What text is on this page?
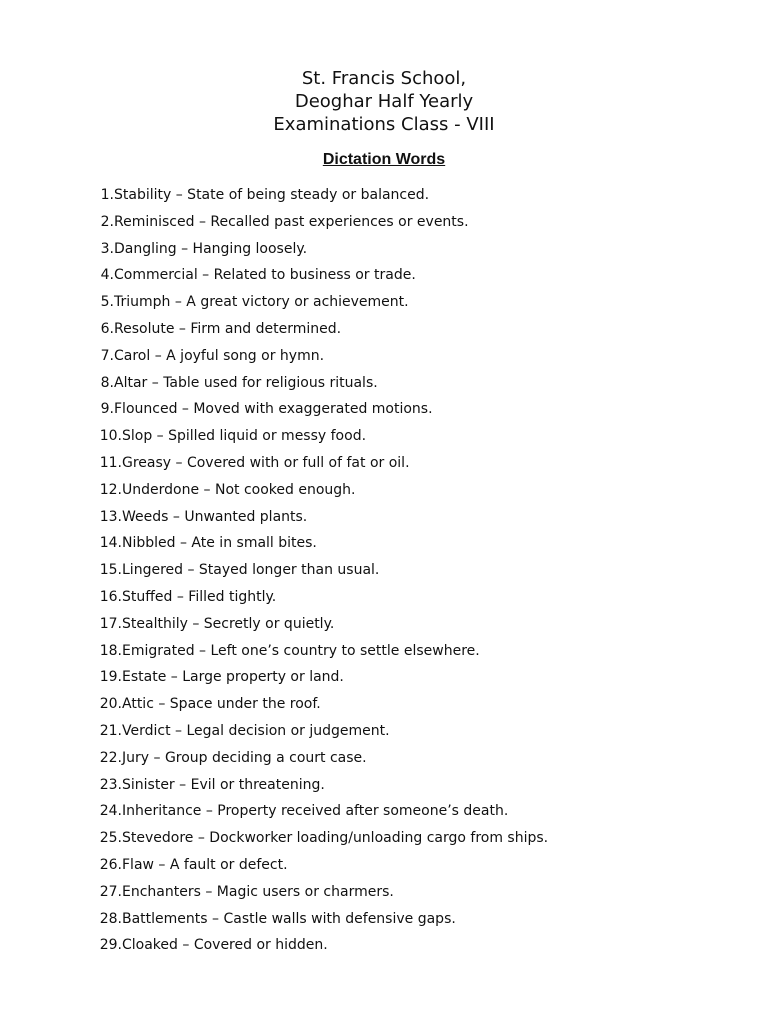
St. Francis School,
Deoghar Half Yearly
Examinations Class - VIII
Dictation Words
1. Stability – State of being steady or balanced.
2. Reminisced – Recalled past experiences or events.
3. Dangling – Hanging loosely.
4. Commercial – Related to business or trade.
5. Triumph – A great victory or achievement.
6. Resolute – Firm and determined.
7. Carol – A joyful song or hymn.
8. Altar – Table used for religious rituals.
9. Flounced – Moved with exaggerated motions.
10. Slop – Spilled liquid or messy food.
11. Greasy – Covered with or full of fat or oil.
12. Underdone – Not cooked enough.
13. Weeds – Unwanted plants.
14. Nibbled – Ate in small bites.
15. Lingered – Stayed longer than usual.
16. Stuffed – Filled tightly.
17. Stealthily – Secretly or quietly.
18. Emigrated – Left one’s country to settle elsewhere.
19. Estate – Large property or land.
20. Attic – Space under the roof.
21. Verdict – Legal decision or judgement.
22. Jury – Group deciding a court case.
23. Sinister – Evil or threatening.
24. Inheritance – Property received after someone’s death.
25. Stevedore – Dockworker loading/unloading cargo from ships.
26. Flaw – A fault or defect.
27. Enchanters – Magic users or charmers.
28. Battlements – Castle walls with defensive gaps.
29. Cloaked – Covered or hidden.
